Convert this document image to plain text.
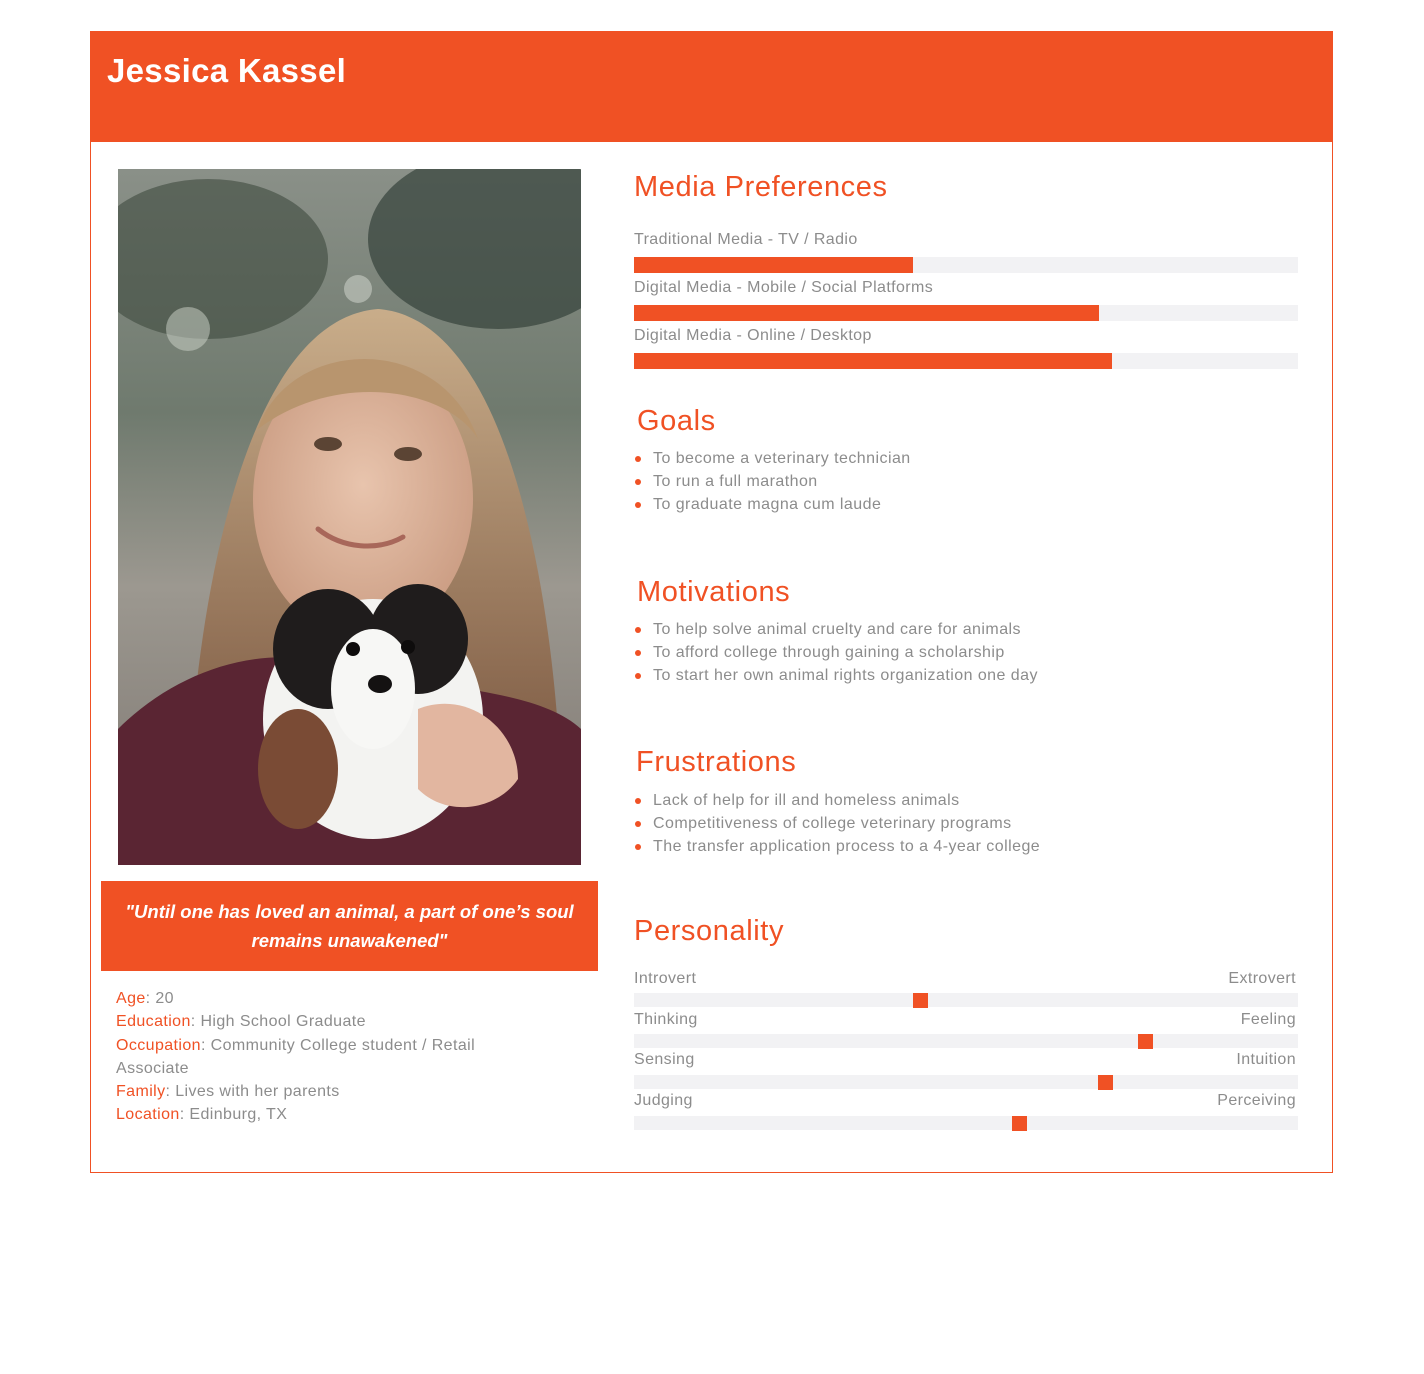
Jessica Kassel
"Until one has loved an animal, a part of one’s soul remains unawakened"

Age: 20

Education: High School Graduate

Occupation: Community College student / Retail Associate

Family: Lives with her parents

Location: Edinburg, TX

Media Preferences
Traditional Media - TV / Radio
Digital Media - Mobile / Social Platforms
Digital Media - Online / Desktop
Goals
To become a veterinary technician
To run a full marathon
To graduate magna cum laude
Motivations
To help solve animal cruelty and care for animals
To afford college through gaining a scholarship
To start her own animal rights organization one day
Frustrations
Lack of help for ill and homeless animals
Competitiveness of college veterinary programs
The transfer application process to a 4-year college
Personality
Introvert	Extrovert
Thinking	Feeling
Sensing	Intuition
Judging	Perceiving
